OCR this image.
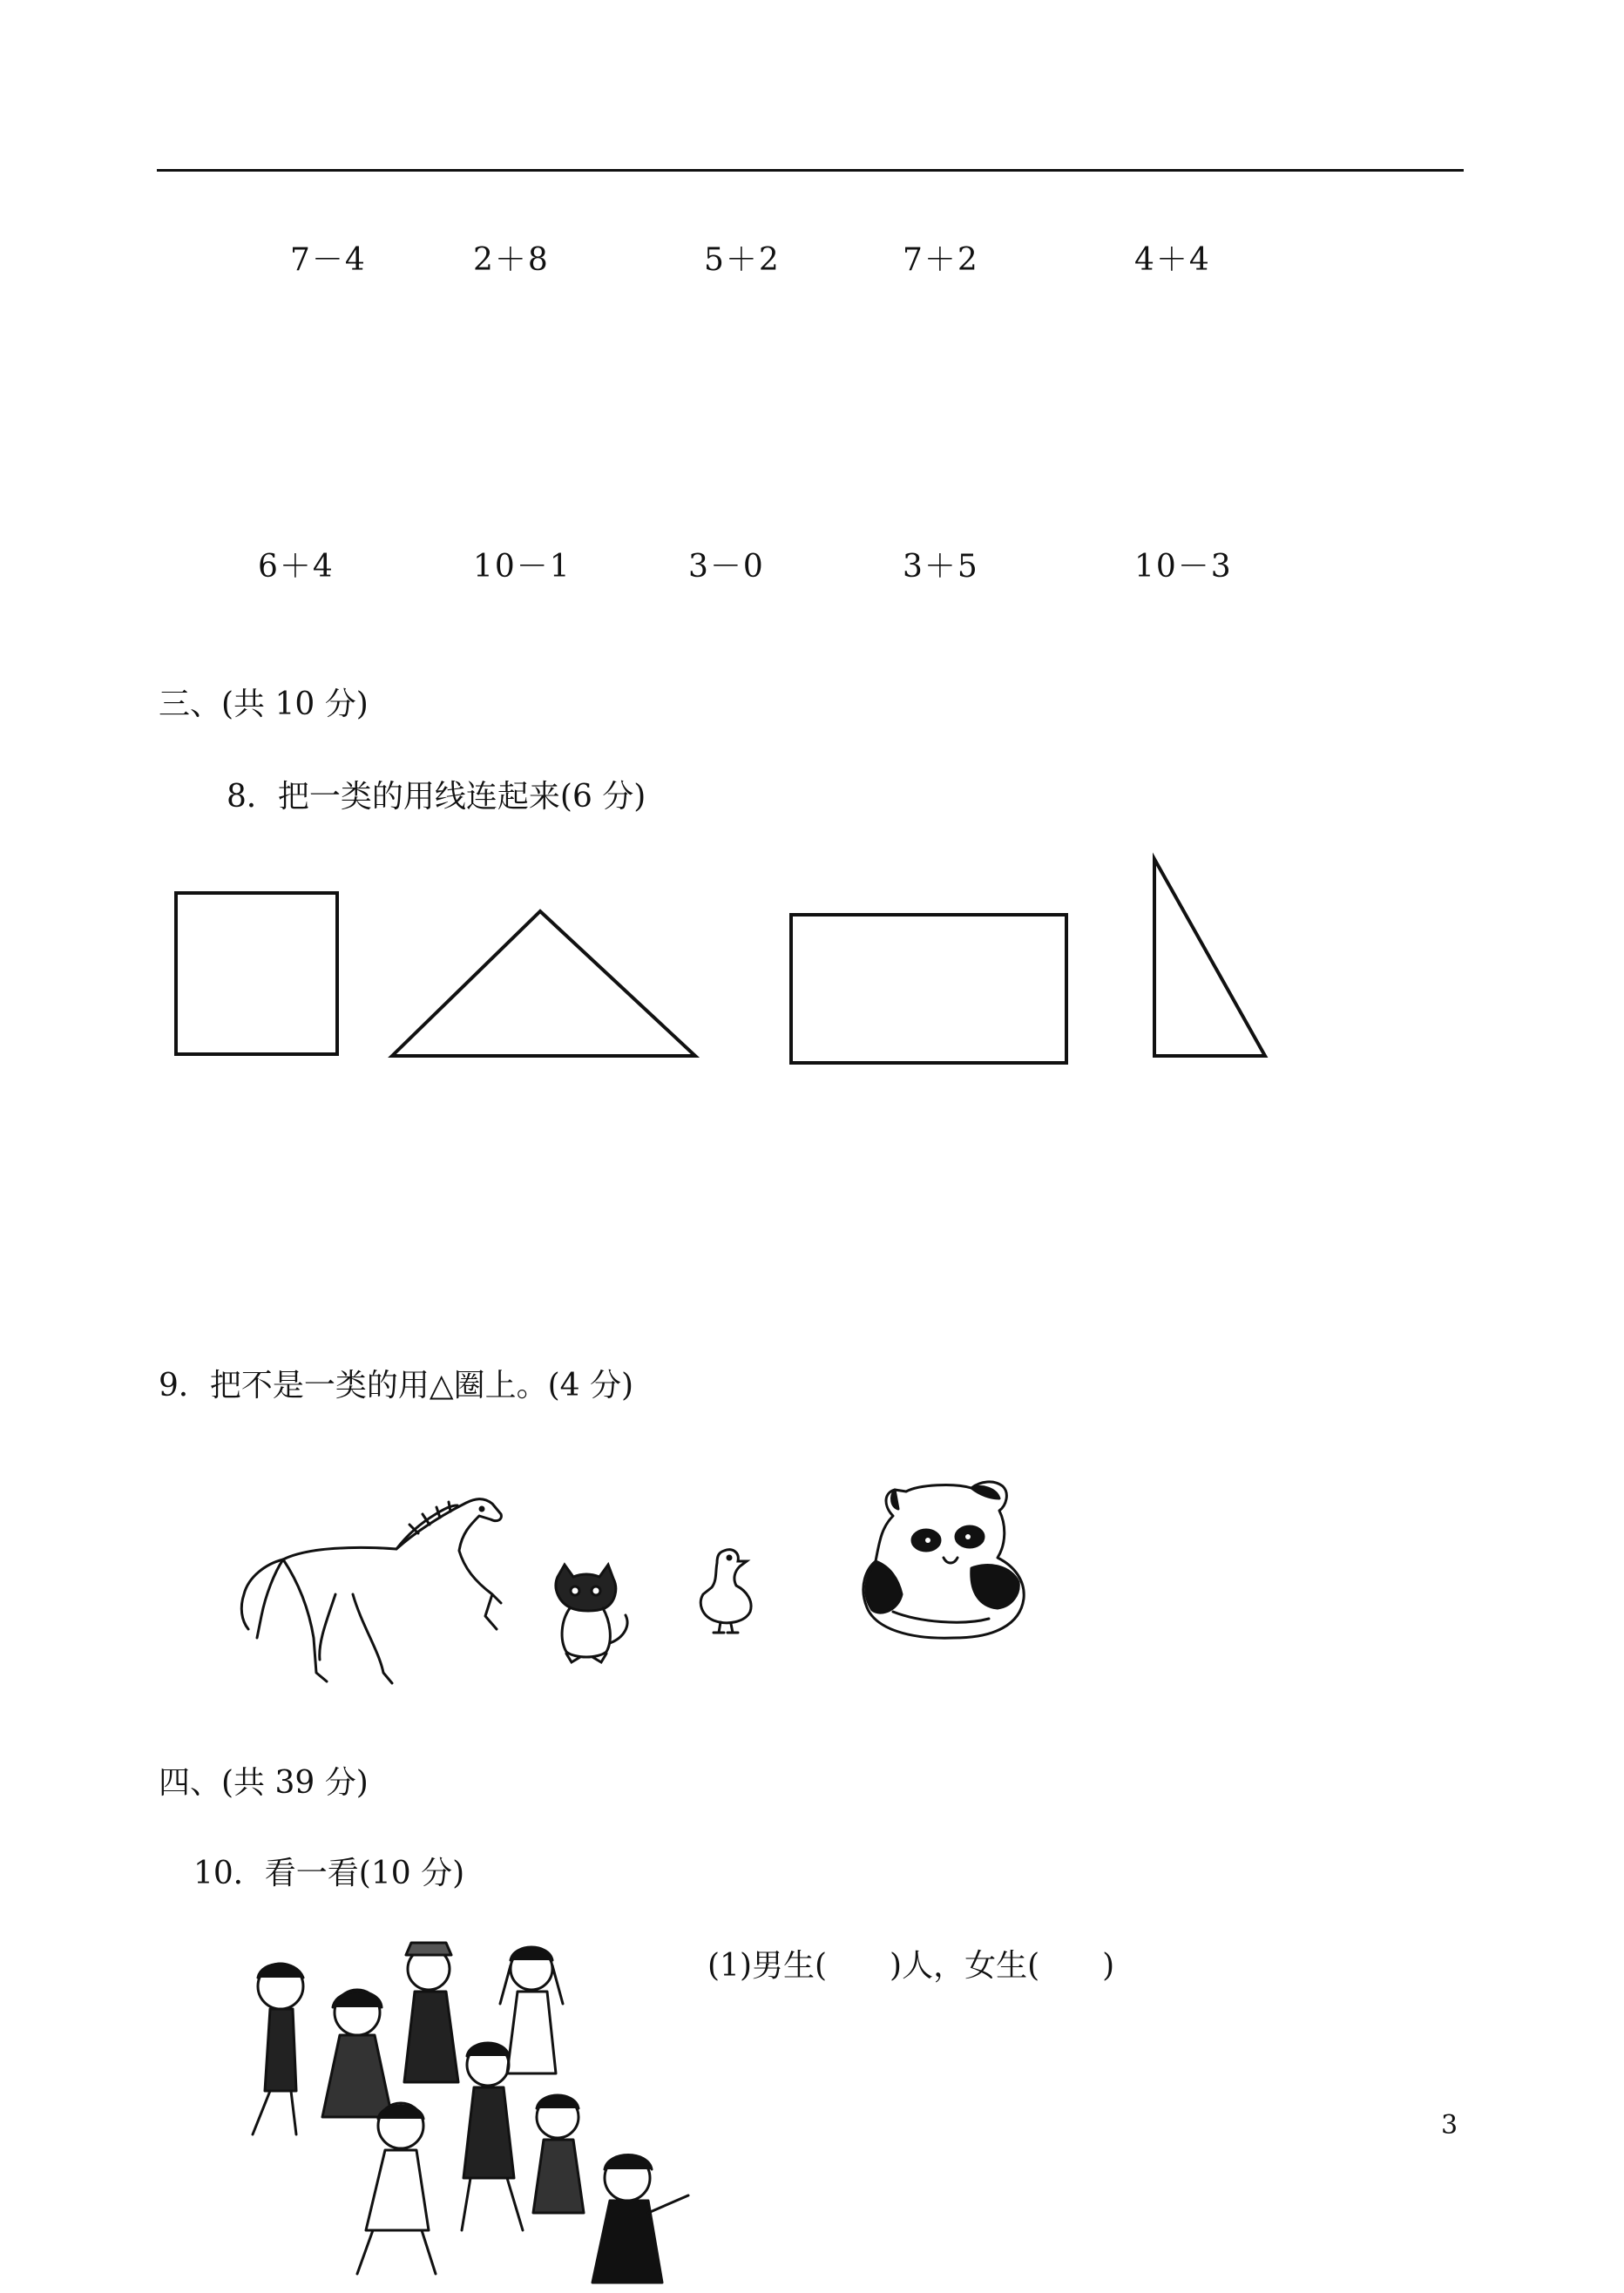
7－4	2＋8	5＋2	7＋2	4＋4
6＋4	10－1	3－0	3＋5	10－3
三、(共 10 分)
8．把一类的用线连起来(6 分)
9．把不是一类的用△圈上。(4 分)
四、(共 39 分)
10．看一看(10 分)
(1)男生(　　)人，女生(　　)
3
